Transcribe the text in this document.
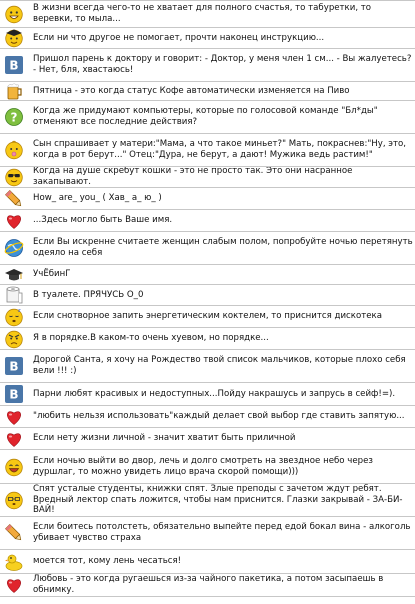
В жизни всегда чего-то не хватает для полного счастья, то табуретки, то веревки, то мыла...
Если ни что другое не помогает, прочти наконец инструкцию...
B Пришол парень к доктору и говорит: - Доктор, у меня член 1 см... - Вы жалуетесь? - Нет, бля, хвастаюсь!
Пятница - это когда статус Кофе автоматически изменяется на Пиво
? Когда же придумают компьютеры, которые по голосовой команде "Бл*ды" отменяют все последние действия?
Сын спрашивает у матери:"Мама, а что такое миньет?" Мать, покраснев:"Ну, это, когда в рот берут..." Отец:"Дура, не берут, а дают! Мужика ведь растим!"
Когда на душе скребут кошки - это не просто так. Это они насранное закапывают.
How_ are_ you_ ( Хав_ а_ ю_ )
...Здесь могло быть Ваше имя.
Если Вы искренне считаете женщин слабым полом, попробуйте ночью перетянуть одеяло на себя
УчЁбинГ
В туалете. ПРЯЧУСЬ О_0
z
Если снотворное запить энергетическим коктелем, то приснится дискотека
Я в порядке.В каком-то очень хуевом, но порядке...
B Дорогой Санта, я хочу на Рождество твой список мальчиков, которые плохо себя вели !!! :)
B Парни любят красивых и недоступных...Пойду накрашусь и запрусь в сейф!=).
"любить нельзя использовать"каждый делает свой выбор где ставить запятую...
Если нету жизни личной - значит хватит быть приличной
Если ночью выйти во двор, лечь и долго смотреть на звездное небо через дуршлаг, то можно увидеть лицо врача скорой помощи)))
Спят усталые студенты, книжки спят. Злые преподы с зачетом ждут ребят. Вредный лектор спать ложится, чтобы нам приснится. Глазки закрывай - ЗА-БИ-ВАЙ!
Если боитесь потолстеть, обязательно выпейте перед едой бокал вина - алкоголь убивает чувство страха
моется тот, кому лень чесаться!
Любовь - это когда ругаешься из-за чайного пакетика, а потом засыпаешь в обнимку.
